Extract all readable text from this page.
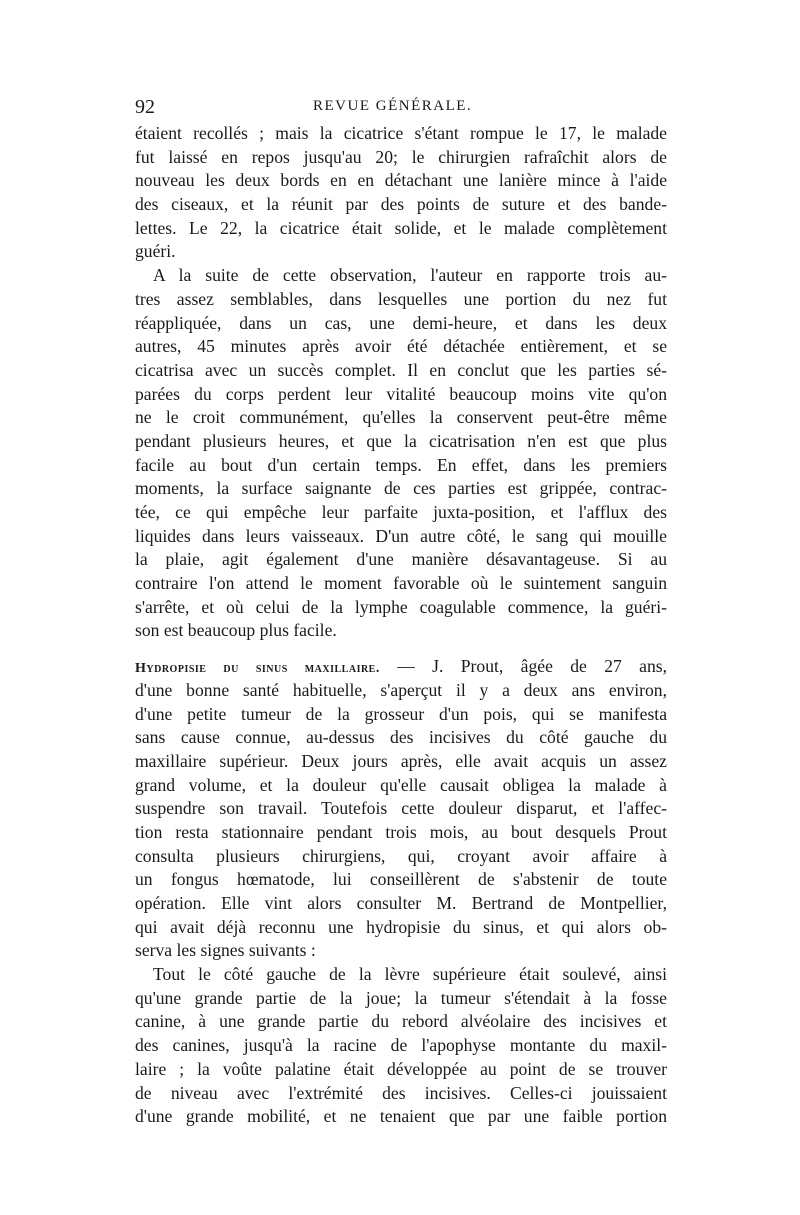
92	REVUE GÉNÉRALE.
étaient recollés ; mais la cicatrice s'étant rompue le 17, le malade
fut laissé en repos jusqu'au 20; le chirurgien rafraîchit alors de
nouveau les deux bords en en détachant une lanière mince à l'aide
des ciseaux, et la réunit par des points de suture et des bande-
lettes. Le 22, la cicatrice était solide, et le malade complètement
guéri.
A la suite de cette observation, l'auteur en rapporte trois au-
tres assez semblables, dans lesquelles une portion du nez fut
réappliquée, dans un cas, une demi-heure, et dans les deux
autres, 45 minutes après avoir été détachée entièrement, et se
cicatrisa avec un succès complet. Il en conclut que les parties sé-
parées du corps perdent leur vitalité beaucoup moins vite qu'on
ne le croit communément, qu'elles la conservent peut-être même
pendant plusieurs heures, et que la cicatrisation n'en est que plus
facile au bout d'un certain temps. En effet, dans les premiers
moments, la surface saignante de ces parties est grippée, contrac-
tée, ce qui empêche leur parfaite juxta-position, et l'afflux des
liquides dans leurs vaisseaux. D'un autre côté, le sang qui mouille
la plaie, agit également d'une manière désavantageuse. Si au
contraire l'on attend le moment favorable où le suintement sanguin
s'arrête, et où celui de la lymphe coagulable commence, la guéri-
son est beaucoup plus facile.
Hydropisie du sinus maxillaire. — J. Prout, âgée de 27 ans,
d'une bonne santé habituelle, s'aperçut il y a deux ans environ,
d'une petite tumeur de la grosseur d'un pois, qui se manifesta
sans cause connue, au-dessus des incisives du côté gauche du
maxillaire supérieur. Deux jours après, elle avait acquis un assez
grand volume, et la douleur qu'elle causait obligea la malade à
suspendre son travail. Toutefois cette douleur disparut, et l'affec-
tion resta stationnaire pendant trois mois, au bout desquels Prout
consulta plusieurs chirurgiens, qui, croyant avoir affaire à
un fongus hœmatode, lui conseillèrent de s'abstenir de toute
opération. Elle vint alors consulter M. Bertrand de Montpellier,
qui avait déjà reconnu une hydropisie du sinus, et qui alors ob-
serva les signes suivants :
Tout le côté gauche de la lèvre supérieure était soulevé, ainsi
qu'une grande partie de la joue; la tumeur s'étendait à la fosse
canine, à une grande partie du rebord alvéolaire des incisives et
des canines, jusqu'à la racine de l'apophyse montante du maxil-
laire ; la voûte palatine était développée au point de se trouver
de niveau avec l'extrémité des incisives. Celles-ci jouissaient
d'une grande mobilité, et ne tenaient que par une faible portion
